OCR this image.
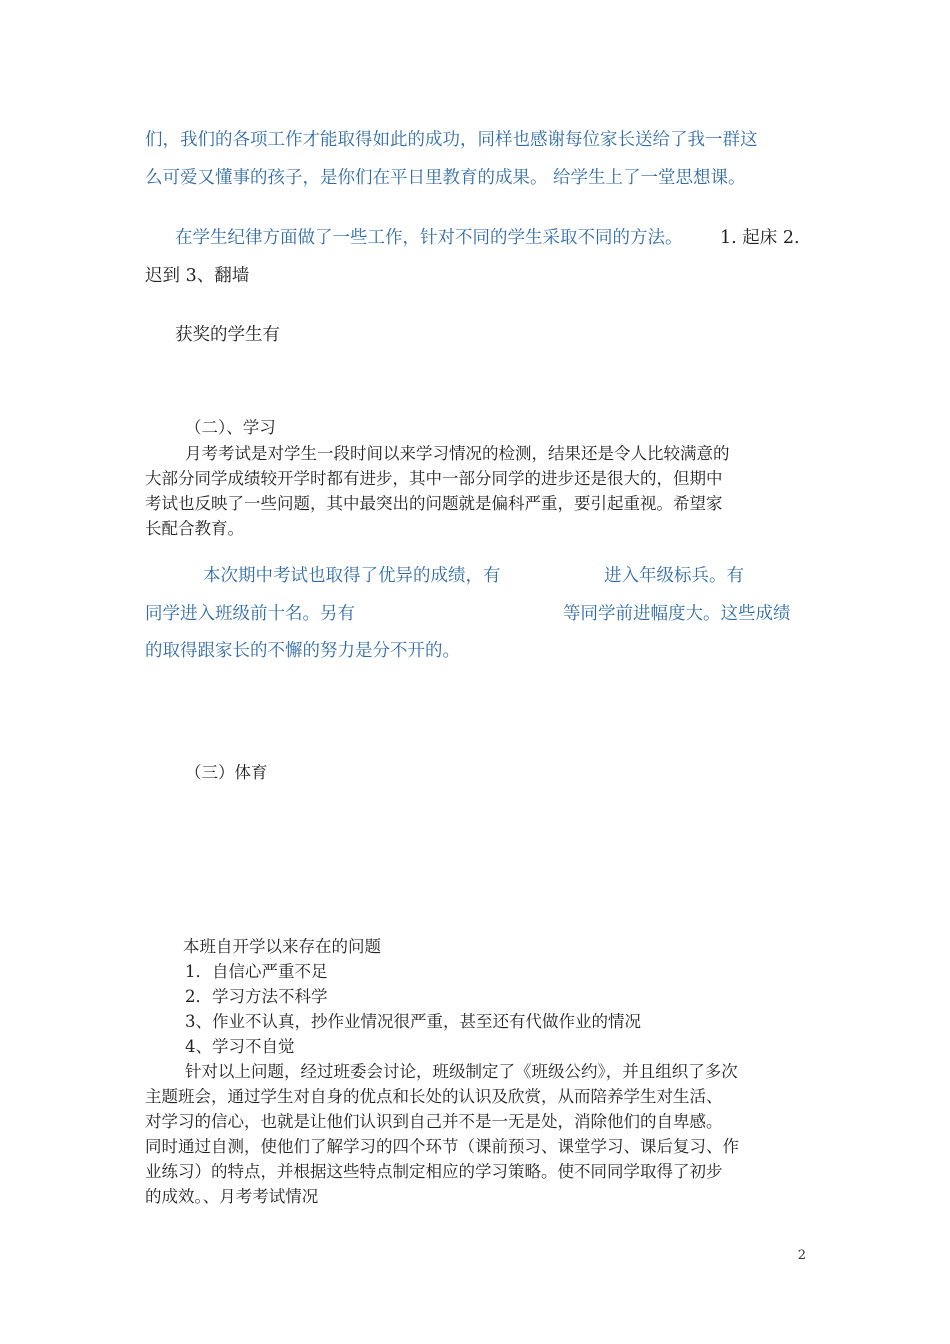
们，我们的各项工作才能取得如此的成功，同样也感谢每位家长送给了我一群这
么可爱又懂事的孩子，是你们在平日里教育的成果。 给学生上了一堂思想课。
在学生纪律方面做了一些工作，针对不同的学生采取不同的方法。 1. 起床 2.
迟到 3、翻墙
获奖的学生有
（二）、学习
月考考试是对学生一段时间以来学习情况的检测，结果还是令人比较满意的
大部分同学成绩较开学时都有进步，其中一部分同学的进步还是很大的，但期中
考试也反映了一些问题，其中最突出的问题就是偏科严重，要引起重视。希望家
长配合教育。
本次期中考试也取得了优异的成绩，有	进入年级标兵。有
同学进入班级前十名。另有	等同学前进幅度大。这些成绩
的取得跟家长的不懈的努力是分不开的。
（三）体育
本班自开学以来存在的问题
1．自信心严重不足
2．学习方法不科学
3、作业不认真，抄作业情况很严重，甚至还有代做作业的情况
4、学习不自觉
针对以上问题，经过班委会讨论，班级制定了《班级公约》，并且组织了多次
主题班会，通过学生对自身的优点和长处的认识及欣赏，从而陪养学生对生活、
对学习的信心，也就是让他们认识到自己并不是一无是处，消除他们的自卑感。
同时通过自测，使他们了解学习的四个环节（课前预习、课堂学习、课后复习、作
业练习）的特点，并根据这些特点制定相应的学习策略。使不同同学取得了初步
的成效。、月考考试情况
2
